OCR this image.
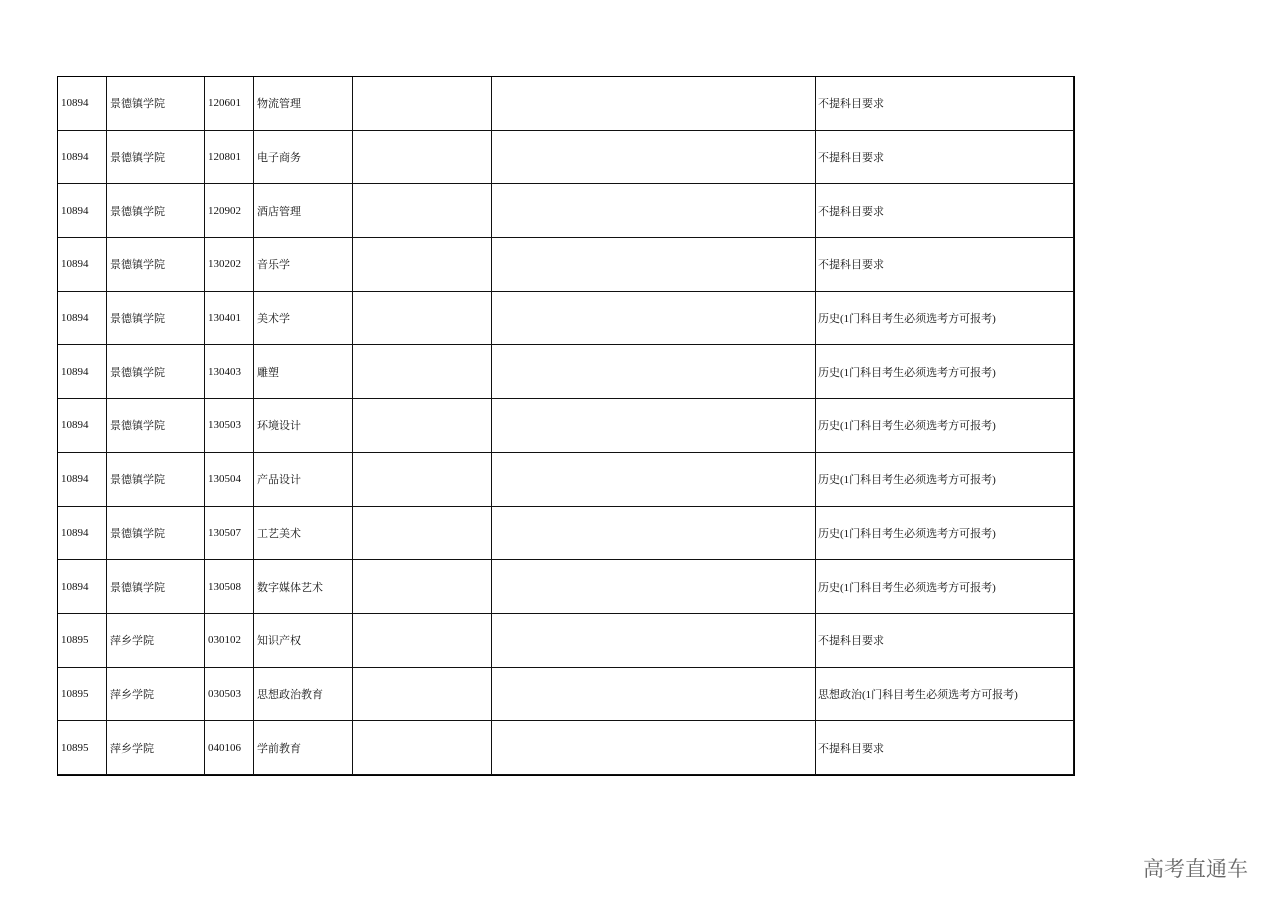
10894	景德镇学院	120601	物流管理	不提科目要求
10894	景德镇学院	120801	电子商务	不提科目要求
10894	景德镇学院	120902	酒店管理	不提科目要求
10894	景德镇学院	130202	音乐学	不提科目要求
10894	景德镇学院	130401	美术学	历史(1门科目考生必须选考方可报考)
10894	景德镇学院	130403	雕塑	历史(1门科目考生必须选考方可报考)
10894	景德镇学院	130503	环境设计	历史(1门科目考生必须选考方可报考)
10894	景德镇学院	130504	产品设计	历史(1门科目考生必须选考方可报考)
10894	景德镇学院	130507	工艺美术	历史(1门科目考生必须选考方可报考)
10894	景德镇学院	130508	数字媒体艺术	历史(1门科目考生必须选考方可报考)
10895	萍乡学院	030102	知识产权	不提科目要求
10895	萍乡学院	030503	思想政治教育	思想政治(1门科目考生必须选考方可报考)
10895	萍乡学院	040106	学前教育	不提科目要求
高考直通车
